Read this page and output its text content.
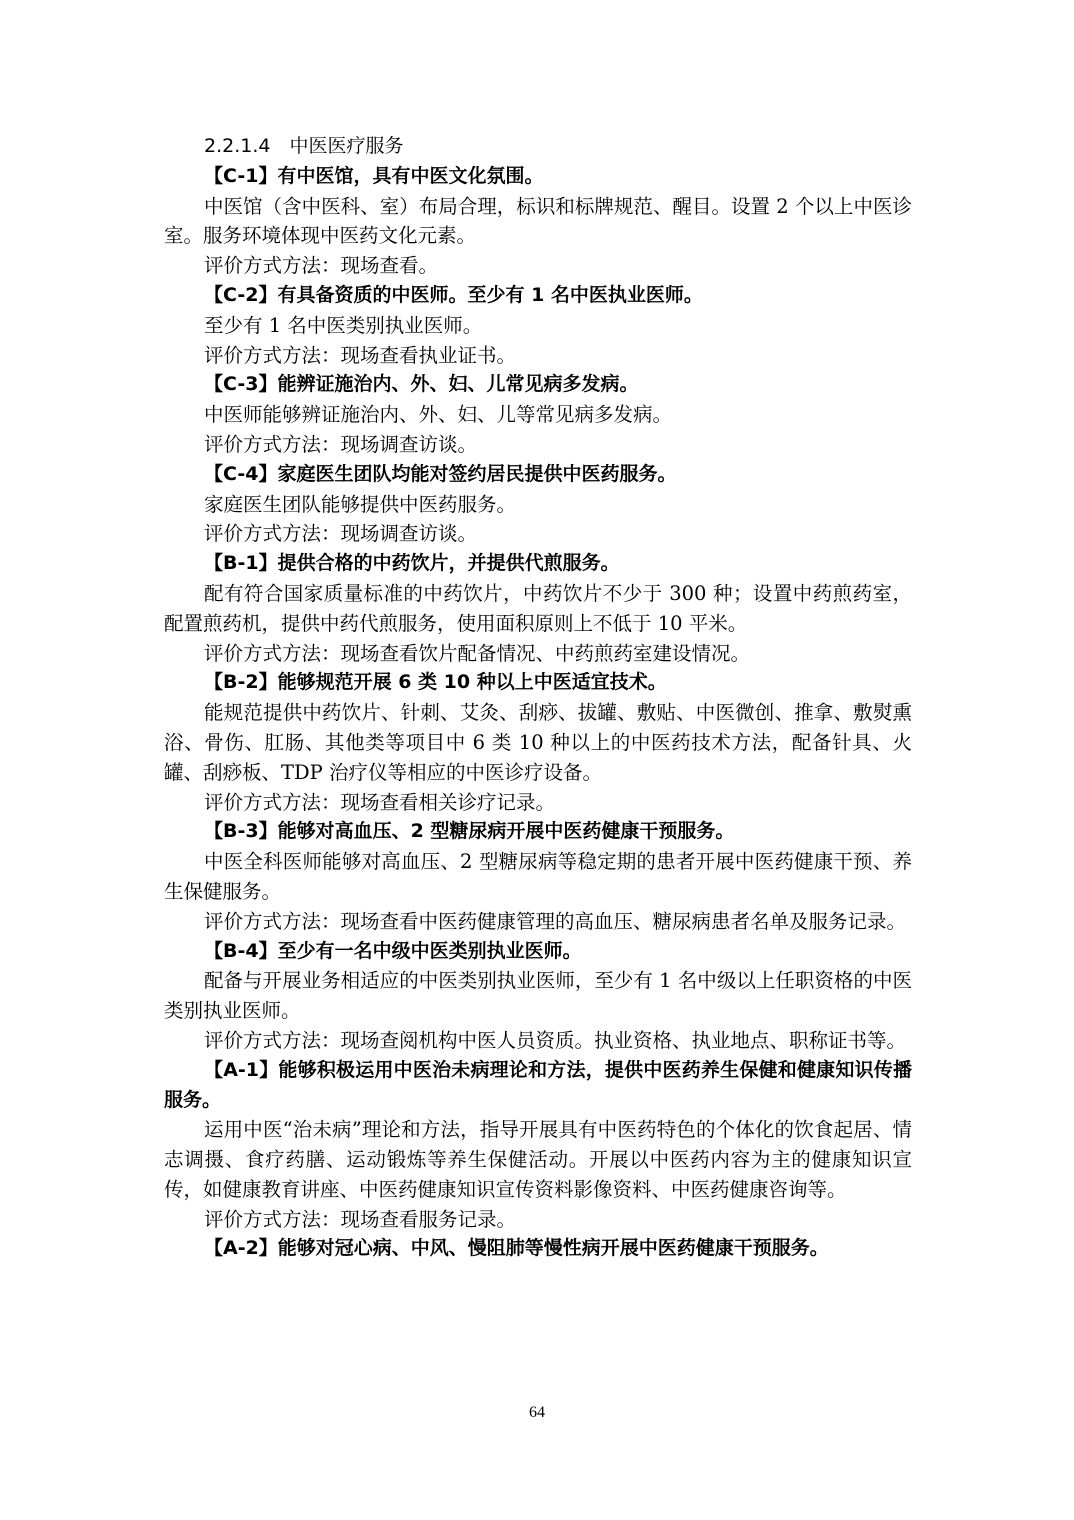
2.2.1.4　中医医疗服务

【C-1】有中医馆，具有中医文化氛围。

中医馆（含中医科、室）布局合理，标识和标牌规范、醒目。设置 2 个以上中医诊室。服务环境体现中医药文化元素。

评价方式方法：现场查看。

【C-2】有具备资质的中医师。至少有 1 名中医执业医师。

至少有 1 名中医类别执业医师。

评价方式方法：现场查看执业证书。

【C-3】能辨证施治内、外、妇、儿常见病多发病。

中医师能够辨证施治内、外、妇、儿等常见病多发病。

评价方式方法：现场调查访谈。

【C-4】家庭医生团队均能对签约居民提供中医药服务。

家庭医生团队能够提供中医药服务。

评价方式方法：现场调查访谈。

【B-1】提供合格的中药饮片，并提供代煎服务。

配有符合国家质量标准的中药饮片，中药饮片不少于 300 种；设置中药煎药室，配置煎药机，提供中药代煎服务，使用面积原则上不低于 10 平米。

评价方式方法：现场查看饮片配备情况、中药煎药室建设情况。

【B-2】能够规范开展 6 类 10 种以上中医适宜技术。

能规范提供中药饮片、针刺、艾灸、刮痧、拔罐、敷贴、中医微创、推拿、敷熨熏浴、骨伤、肛肠、其他类等项目中 6 类 10 种以上的中医药技术方法，配备针具、火罐、刮痧板、TDP 治疗仪等相应的中医诊疗设备。

评价方式方法：现场查看相关诊疗记录。

【B-3】能够对高血压、2 型糖尿病开展中医药健康干预服务。

中医全科医师能够对高血压、2 型糖尿病等稳定期的患者开展中医药健康干预、养生保健服务。

评价方式方法：现场查看中医药健康管理的高血压、糖尿病患者名单及服务记录。

【B-4】至少有一名中级中医类别执业医师。

配备与开展业务相适应的中医类别执业医师，至少有 1 名中级以上任职资格的中医类别执业医师。

评价方式方法：现场查阅机构中医人员资质。执业资格、执业地点、职称证书等。

【A-1】能够积极运用中医治未病理论和方法，提供中医药养生保健和健康知识传播服务。

运用中医“治未病”理论和方法，指导开展具有中医药特色的个体化的饮食起居、情志调摄、食疗药膳、运动锻炼等养生保健活动。开展以中医药内容为主的健康知识宣传，如健康教育讲座、中医药健康知识宣传资料影像资料、中医药健康咨询等。

评价方式方法：现场查看服务记录。

【A-2】能够对冠心病、中风、慢阻肺等慢性病开展中医药健康干预服务。

64
